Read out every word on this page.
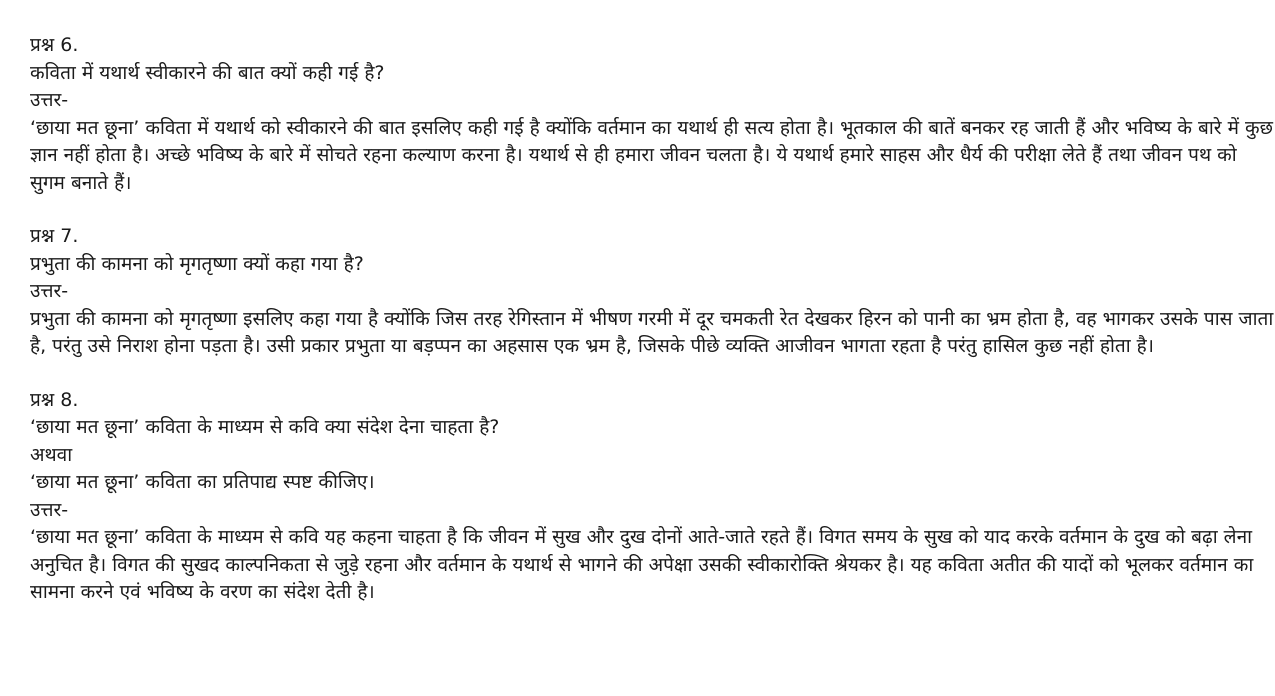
प्रश्न 6.
कविता में यथार्थ स्वीकारने की बात क्यों कही गई है?
उत्तर-
‘छाया मत छूना’ कविता में यथार्थ को स्वीकारने की बात इसलिए कही गई है क्योंकि वर्तमान का यथार्थ ही सत्य होता है। भूतकाल की बातें बनकर रह जाती हैं और भविष्य के बारे में कुछ ज्ञान नहीं होता है। अच्छे भविष्य के बारे में सोचते रहना कल्याण करना है। यथार्थ से ही हमारा जीवन चलता है। ये यथार्थ हमारे साहस और धैर्य की परीक्षा लेते हैं तथा जीवन पथ को सुगम बनाते हैं।
प्रश्न 7.
प्रभुता की कामना को मृगतृष्णा क्यों कहा गया है?
उत्तर-
प्रभुता की कामना को मृगतृष्णा इसलिए कहा गया है क्योंकि जिस तरह रेगिस्तान में भीषण गरमी में दूर चमकती रेत देखकर हिरन को पानी का भ्रम होता है, वह भागकर उसके पास जाता है, परंतु उसे निराश होना पड़ता है। उसी प्रकार प्रभुता या बड़प्पन का अहसास एक भ्रम है, जिसके पीछे व्यक्ति आजीवन भागता रहता है परंतु हासिल कुछ नहीं होता है।
प्रश्न 8.
‘छाया मत छूना’ कविता के माध्यम से कवि क्या संदेश देना चाहता है?
अथवा
‘छाया मत छूना’ कविता का प्रतिपाद्य स्पष्ट कीजिए।
उत्तर-
‘छाया मत छूना’ कविता के माध्यम से कवि यह कहना चाहता है कि जीवन में सुख और दुख दोनों आते-जाते रहते हैं। विगत समय के सुख को याद करके वर्तमान के दुख को बढ़ा लेना अनुचित है। विगत की सुखद काल्पनिकता से जुड़े रहना और वर्तमान के यथार्थ से भागने की अपेक्षा उसकी स्वीकारोक्ति श्रेयकर है। यह कविता अतीत की यादों को भूलकर वर्तमान का सामना करने एवं भविष्य के वरण का संदेश देती है।
